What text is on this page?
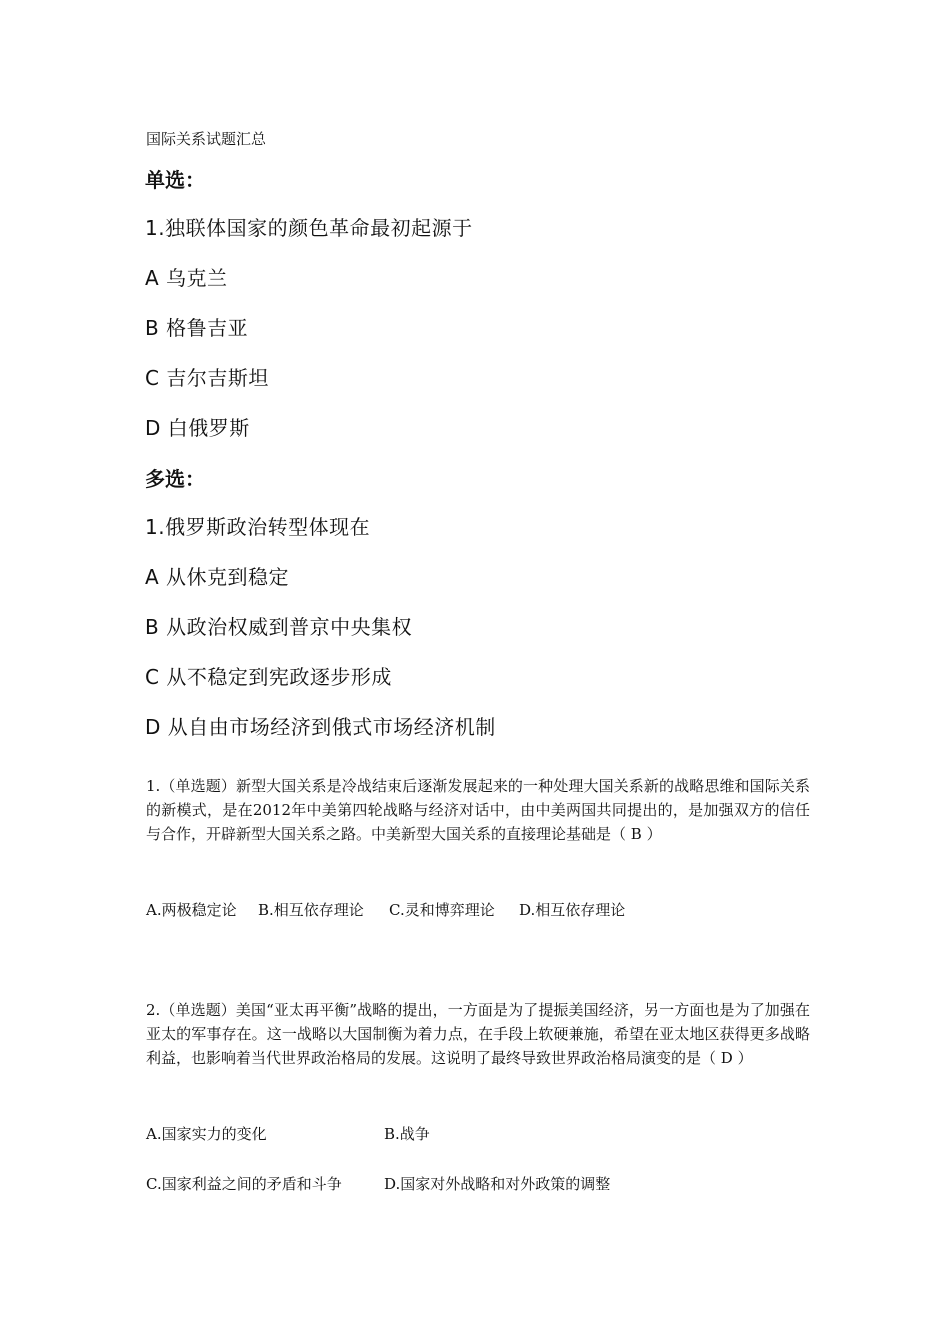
国际关系试题汇总
单选：
1.独联体国家的颜色革命最初起源于
A 乌克兰
B 格鲁吉亚
C 吉尔吉斯坦
D 白俄罗斯
多选：
1.俄罗斯政治转型体现在
A 从休克到稳定
B 从政治权威到普京中央集权
C 从不稳定到宪政逐步形成
D 从自由市场经济到俄式市场经济机制
1.（单选题）新型大国关系是冷战结束后逐渐发展起来的一种处理大国关系新的战略思维和国际关系的新模式，是在2012年中美第四轮战略与经济对话中，由中美两国共同提出的，是加强双方的信任与合作，开辟新型大国关系之路。中美新型大国关系的直接理论基础是（ B ）
A.两极稳定论 B.相互依存理论 C.灵和博弈理论 D.相互依存理论
2.（单选题）美国“亚太再平衡”战略的提出，一方面是为了提振美国经济，另一方面也是为了加强在亚太的军事存在。这一战略以大国制衡为着力点，在手段上软硬兼施，希望在亚太地区获得更多战略利益，也影响着当代世界政治格局的发展。这说明了最终导致世界政治格局演变的是（ D ）
A.国家实力的变化	B.战争
C.国家利益之间的矛盾和斗争	D.国家对外战略和对外政策的调整
